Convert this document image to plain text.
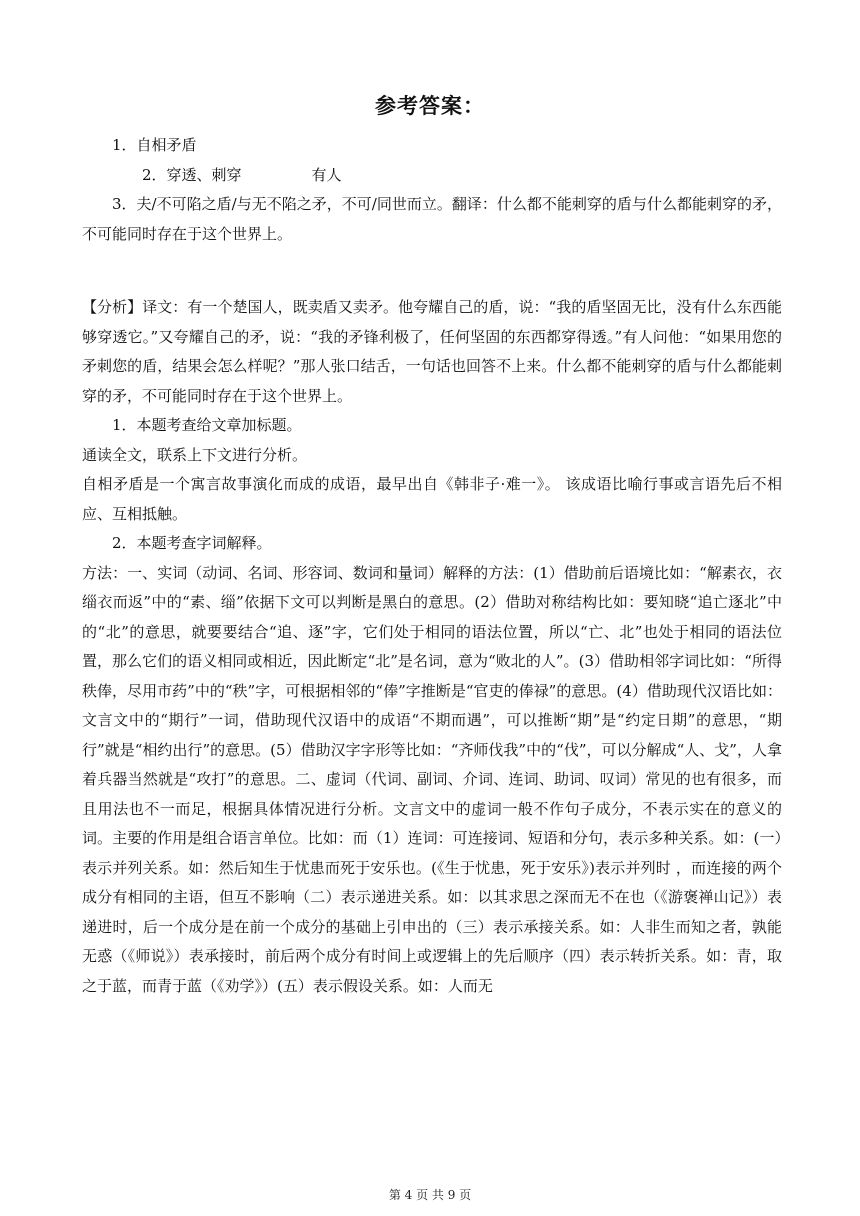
参考答案：

1．自相矛盾

2．穿透、刺穿	有人

3．夫/不可陷之盾/与无不陷之矛，不可/同世而立。翻译：什么都不能刺穿的盾与什么都能刺穿的矛，不可能同时存在于这个世界上。

【分析】译文：有一个楚国人，既卖盾又卖矛。他夸耀自己的盾，说：“我的盾坚固无比，没有什么东西能够穿透它。”又夸耀自己的矛，说：“我的矛锋利极了，任何坚固的东西都穿得透。”有人问他：“如果用您的矛刺您的盾，结果会怎么样呢？”那人张口结舌，一句话也回答不上来。什么都不能刺穿的盾与什么都能刺穿的矛，不可能同时存在于这个世界上。

1．本题考查给文章加标题。

通读全文，联系上下文进行分析。

自相矛盾是一个寓言故事演化而成的成语，最早出自《韩非子·难一》。 该成语比喻行事或言语先后不相应、互相抵触。

2．本题考查字词解释。

方法：一、实词（动词、名词、形容词、数词和量词）解释的方法：(1）借助前后语境比如：“解素衣，衣缁衣而返”中的“素、缁”依据下文可以判断是黑白的意思。(2）借助对称结构比如：要知晓“追亡逐北”中的“北”的意思，就要要结合“追、逐”字，它们处于相同的语法位置，所以“亡、北”也处于相同的语法位置，那么它们的语义相同或相近，因此断定“北”是名词，意为“败北的人”。(3）借助相邻字词比如：“所得秩俸，尽用市药”中的“秩”字，可根据相邻的“俸”字推断是“官吏的俸禄”的意思。(4）借助现代汉语比如：文言文中的“期行”一词，借助现代汉语中的成语“不期而遇”，可以推断“期”是“约定日期”的意思，“期行”就是“相约出行”的意思。(5）借助汉字字形等比如：“齐师伐我”中的“伐”，可以分解成“人、戈”，人拿着兵器当然就是“攻打”的意思。二、虚词（代词、副词、介词、连词、助词、叹词）常见的也有很多，而且用法也不一而足，根据具体情况进行分析。文言文中的虚词一般不作句子成分，不表示实在的意义的词。主要的作用是组合语言单位。比如：而（1）连词：可连接词、短语和分句，表示多种关系。如：(一）表示并列关系。如：然后知生于忧患而死于安乐也。(《生于忧患，死于安乐》)表示并列时 ，而连接的两个成分有相同的主语，但互不影响（二）表示递进关系。如：以其求思之深而无不在也（《游褒禅山记》）表递进时，后一个成分是在前一个成分的基础上引申出的（三）表示承接关系。如：人非生而知之者，孰能无惑（《师说》）表承接时，前后两个成分有时间上或逻辑上的先后顺序（四）表示转折关系。如：青，取之于蓝，而青于蓝（《劝学》）(五）表示假设关系。如：人而无

第 4 页 共 9 页
